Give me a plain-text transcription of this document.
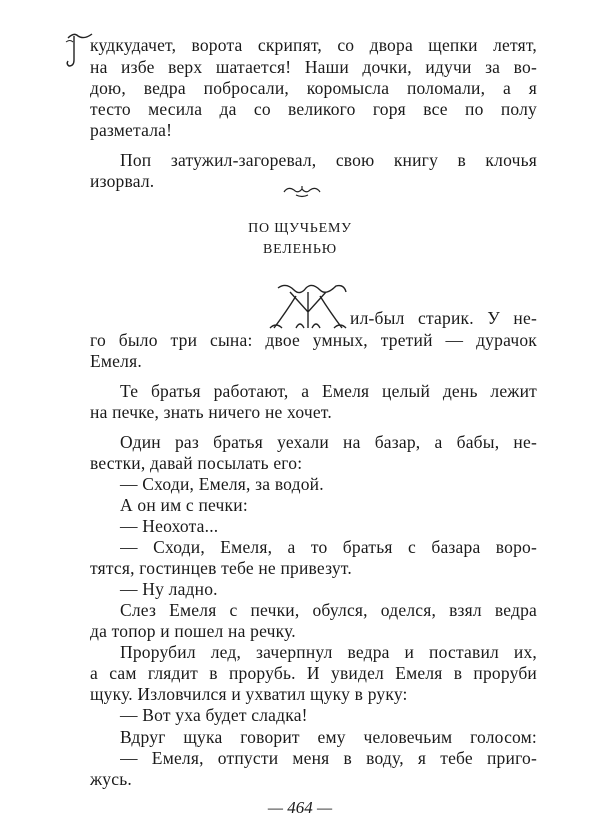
кудкудачет, ворота скрипят, со двора щепки летят,
на избе верх шатается! Наши дочки, идучи за во-
дою, ведра побросали, коромысла поломали, а я
тесто месила да со великого горя все по полу
разметала!
Поп затужил-загоревал, свою книгу в клочья
изорвал.
ПО ЩУЧЬЕМУ
ВЕЛЕНЬЮ
Ж ил-был старик. У не-
го было три сына: двое умных, третий — дурачок
Емеля.
Те братья работают, а Емеля целый день лежит
на печке, знать ничего не хочет.
Один раз братья уехали на базар, а бабы, не-
вестки, давай посылать его:
— Сходи, Емеля, за водой.
А он им с печки:
— Неохота...
— Сходи, Емеля, а то братья с базара воро-
тятся, гостинцев тебе не привезут.
— Ну ладно.
Слез Емеля с печки, обулся, оделся, взял ведра
да топор и пошел на речку.
Прорубил лед, зачерпнул ведра и поставил их,
а сам глядит в прорубь. И увидел Емеля в проруби
щуку. Изловчился и ухватил щуку в руку:
— Вот уха будет сладка!
Вдруг щука говорит ему человечьим голосом:
— Емеля, отпусти меня в воду, я тебе приго-
жусь.
— 464 —
